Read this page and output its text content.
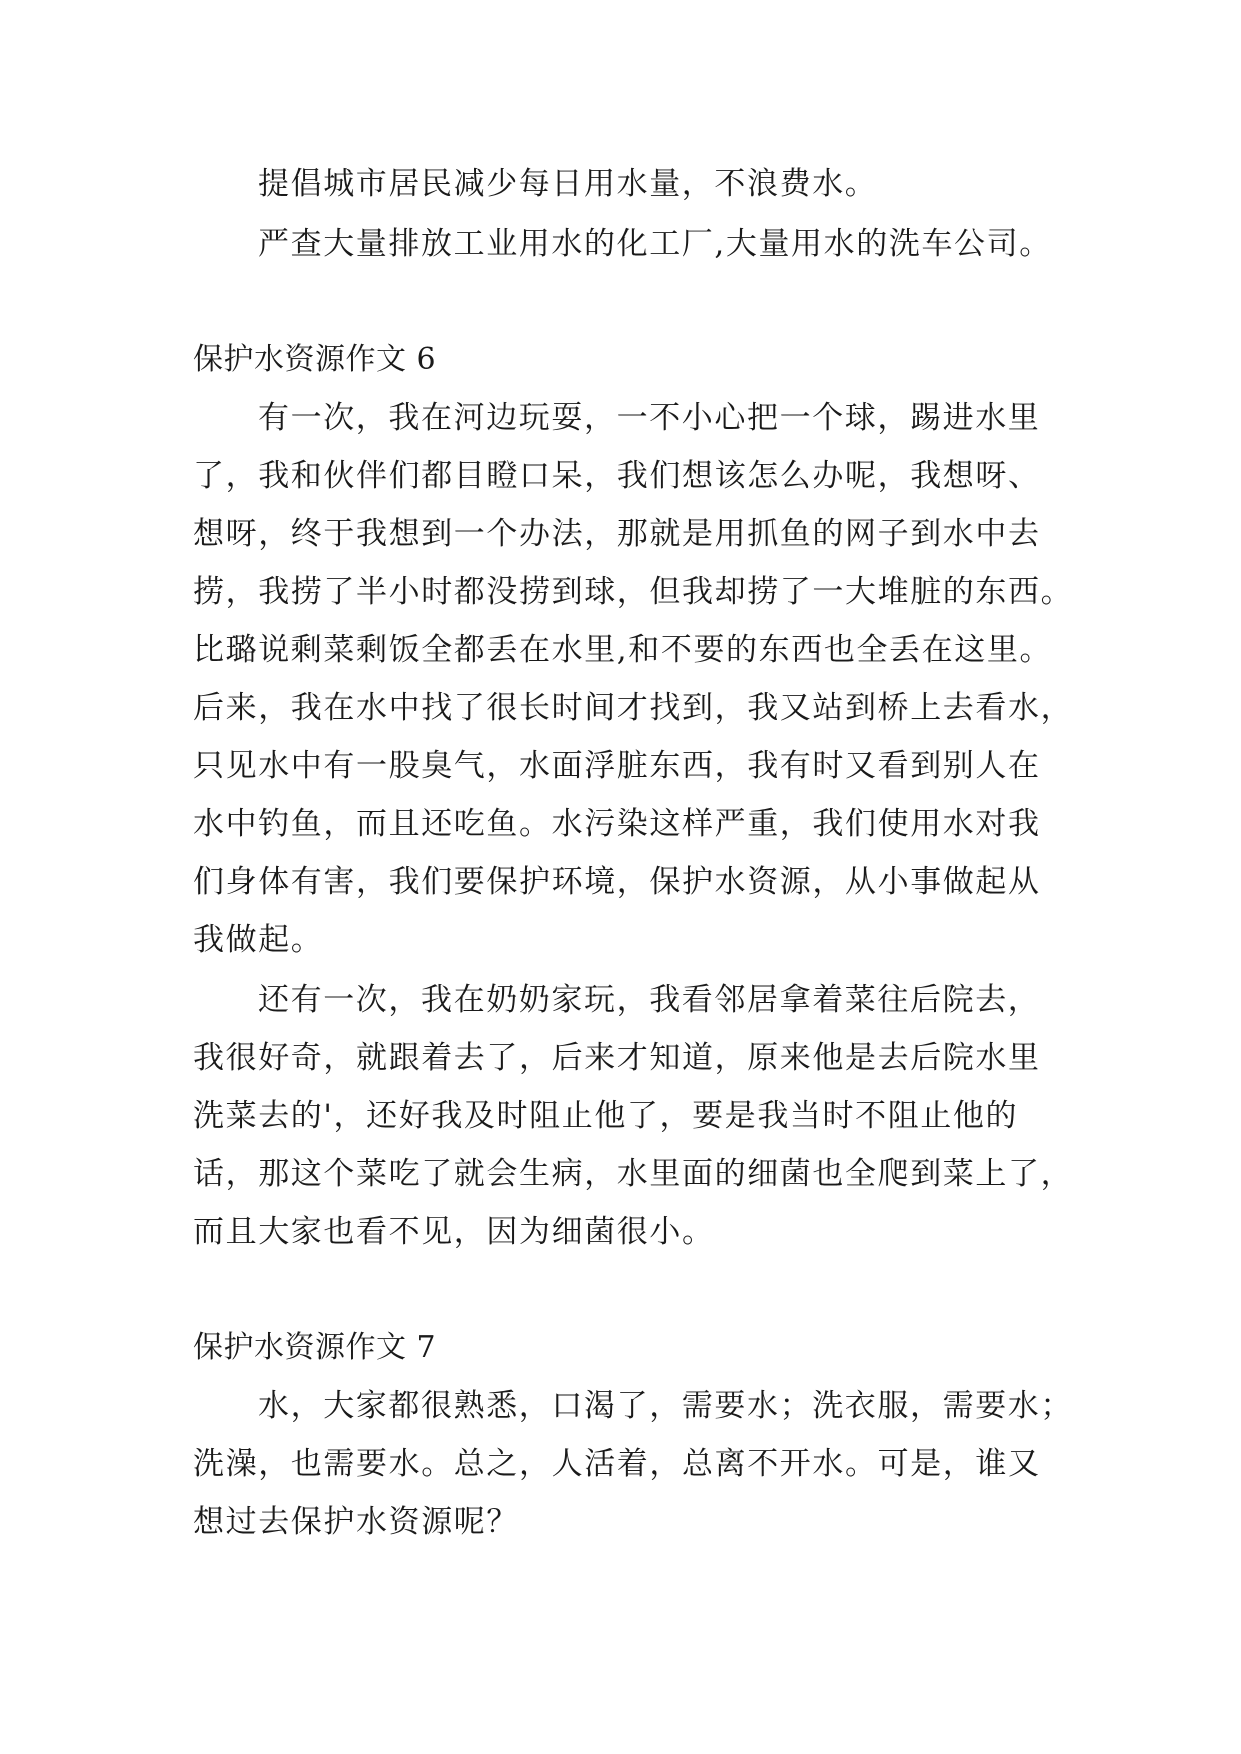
提倡城市居民减少每日用水量，不浪费水。
严查大量排放工业用水的化工厂,大量用水的洗车公司。
保护水资源作文 6
有一次，我在河边玩耍，一不小心把一个球，踢进水里
了，我和伙伴们都目瞪口呆，我们想该怎么办呢，我想呀、
想呀，终于我想到一个办法，那就是用抓鱼的网子到水中去
捞，我捞了半小时都没捞到球，但我却捞了一大堆脏的东西。
比璐说剩菜剩饭全都丢在水里,和不要的东西也全丢在这里。
后来，我在水中找了很长时间才找到，我又站到桥上去看水，
只见水中有一股臭气，水面浮脏东西，我有时又看到别人在
水中钓鱼，而且还吃鱼。水污染这样严重，我们使用水对我
们身体有害，我们要保护环境，保护水资源，从小事做起从
我做起。
还有一次，我在奶奶家玩，我看邻居拿着菜往后院去，
我很好奇，就跟着去了，后来才知道，原来他是去后院水里
洗菜去的'，还好我及时阻止他了，要是我当时不阻止他的
话，那这个菜吃了就会生病，水里面的细菌也全爬到菜上了，
而且大家也看不见，因为细菌很小。
保护水资源作文 7
水，大家都很熟悉，口渴了，需要水；洗衣服，需要水；
洗澡，也需要水。总之，人活着，总离不开水。可是，谁又
想过去保护水资源呢？
